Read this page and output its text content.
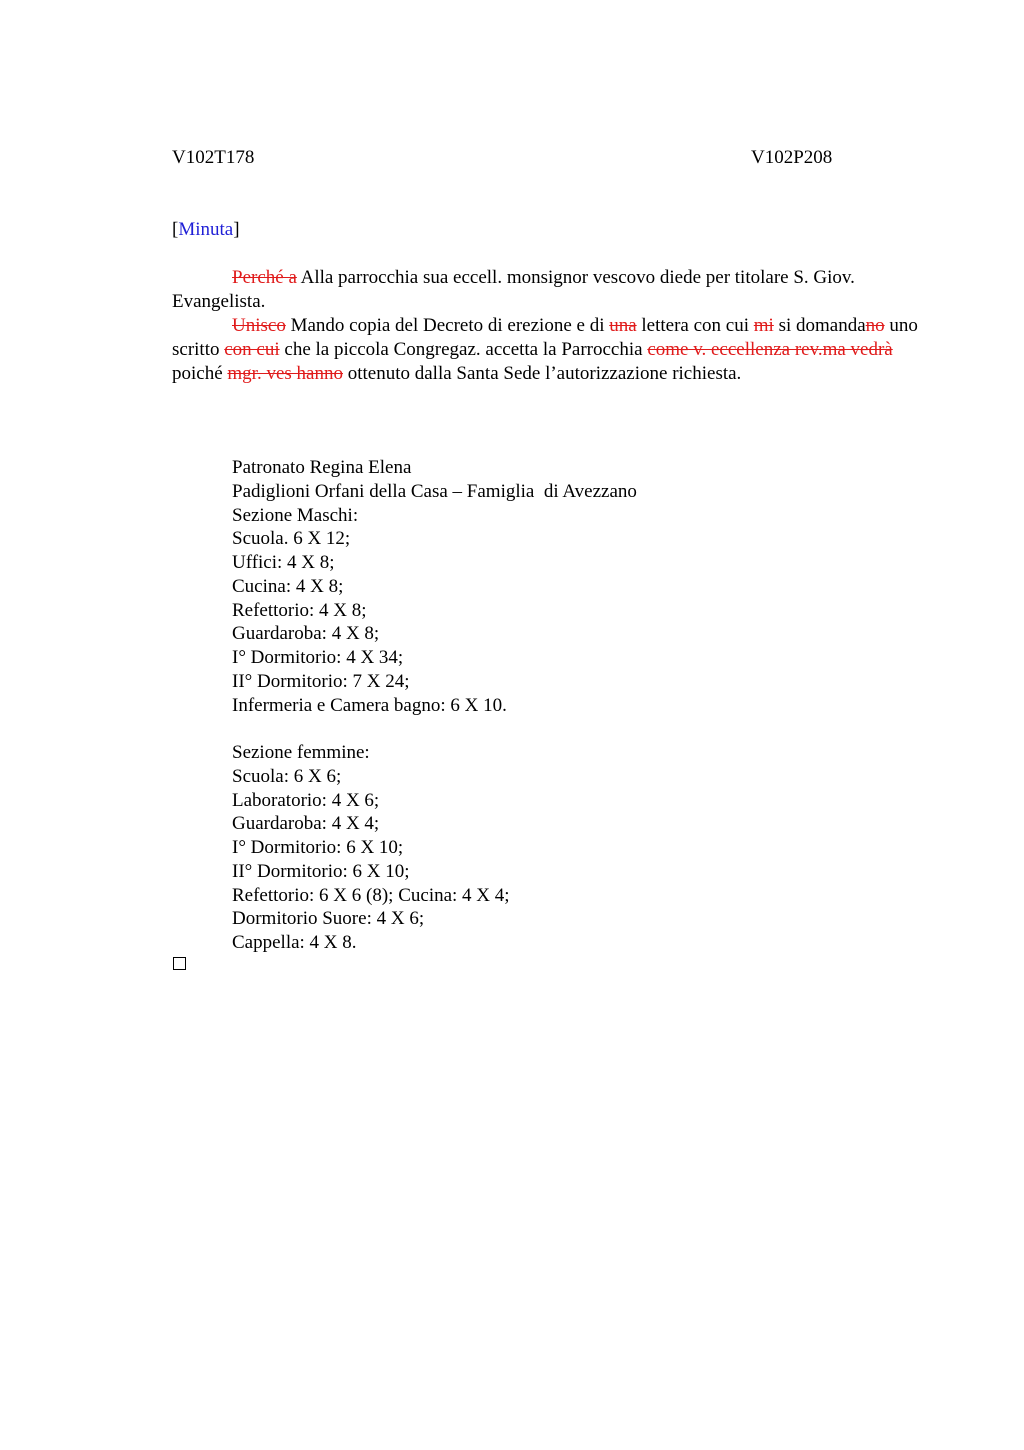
V102T178	V102P208
[Minuta]

Perché a Alla parrocchia sua eccell. monsignor vescovo diede per titolare S. Giov. Evangelista.

Unisco Mando copia del Decreto di erezione e di una lettera con cui mi si domandano uno scritto con cui che la piccola Congregaz. accetta la Parrocchia come v. eccellenza rev.ma vedrà poiché mgr. ves hanno ottenuto dalla Santa Sede l’autorizzazione richiesta.

Patronato Regina Elena
Padiglioni Orfani della Casa – Famiglia  di Avezzano
Sezione Maschi:
Scuola. 6 X 12;
Uffici: 4 X 8;
Cucina: 4 X 8;
Refettorio: 4 X 8;
Guardaroba: 4 X 8;
I° Dormitorio: 4 X 34;
II° Dormitorio: 7 X 24;
Infermeria e Camera bagno: 6 X 10.
Sezione femmine:
Scuola: 6 X 6;
Laboratorio: 4 X 6;
Guardaroba: 4 X 4;
I° Dormitorio: 6 X 10;
II° Dormitorio: 6 X 10;
Refettorio: 6 X 6 (8); Cucina: 4 X 4;
Dormitorio Suore: 4 X 6;
Cappella: 4 X 8.
